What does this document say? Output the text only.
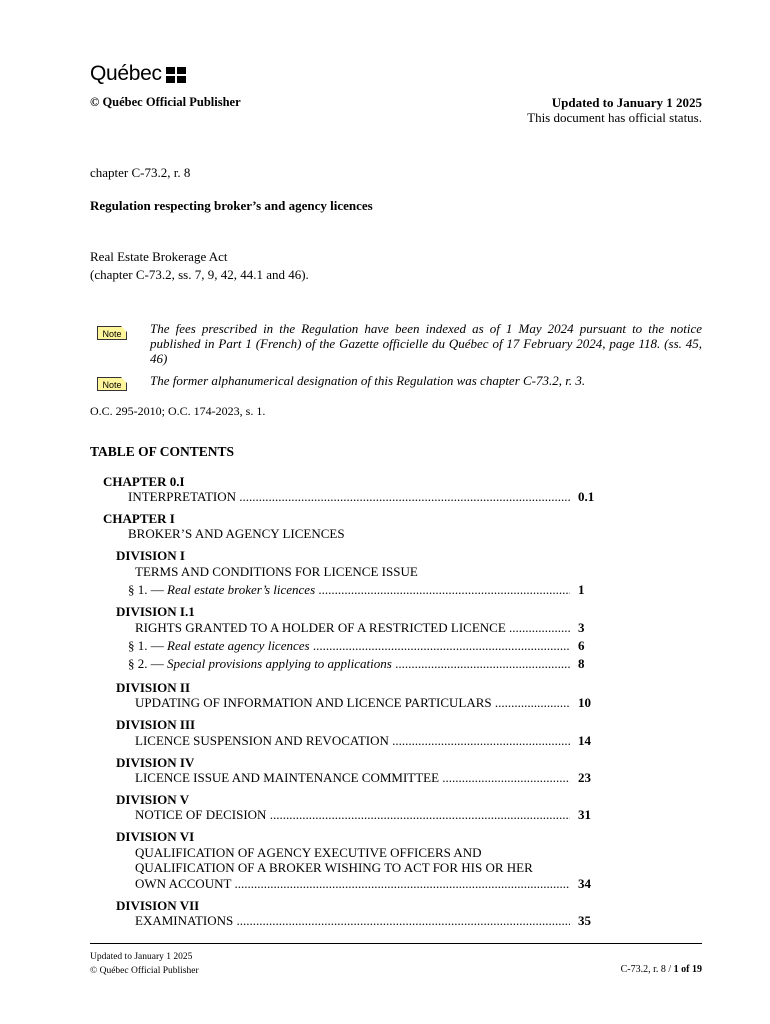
Québec
© Québec Official Publisher	Updated to January 1 2025
This document has official status.
chapter C-73.2, r. 8
Regulation respecting broker’s and agency licences
Real Estate Brokerage Act
(chapter C-73.2, ss. 7, 9, 42, 44.1 and 46).
Note	The fees prescribed in the Regulation have been indexed as of 1 May 2024 pursuant to the notice published in Part 1 (French) of the Gazette officielle du Québec of 17 February 2024, page 118. (ss. 45, 46)
Note	The former alphanumerical designation of this Regulation was chapter C-73.2, r. 3.
O.C. 295-2010; O.C. 174-2023, s. 1.
TABLE OF CONTENTS
CHAPTER 0.I
INTERPRETATION .....	0.1
CHAPTER I
BROKER’S AND AGENCY LICENCES
DIVISION I
TERMS AND CONDITIONS FOR LICENCE ISSUE
§ 1. — Real estate broker’s licences .....	1
DIVISION I.1
RIGHTS GRANTED TO A HOLDER OF A RESTRICTED LICENCE .....	3
§ 1. — Real estate agency licences .....	6
§ 2. — Special provisions applying to applications .....	8
DIVISION II
UPDATING OF INFORMATION AND LICENCE PARTICULARS .....	10
DIVISION III
LICENCE SUSPENSION AND REVOCATION .....	14
DIVISION IV
LICENCE ISSUE AND MAINTENANCE COMMITTEE .....	23
DIVISION V
NOTICE OF DECISION .....	31
DIVISION VI
QUALIFICATION OF AGENCY EXECUTIVE OFFICERS AND
QUALIFICATION OF A BROKER WISHING TO ACT FOR HIS OR HER
OWN ACCOUNT .....	34
DIVISION VII
EXAMINATIONS .....	35
Updated to January 1 2025
© Québec Official Publisher	C-73.2, r. 8 / 1 of 19
